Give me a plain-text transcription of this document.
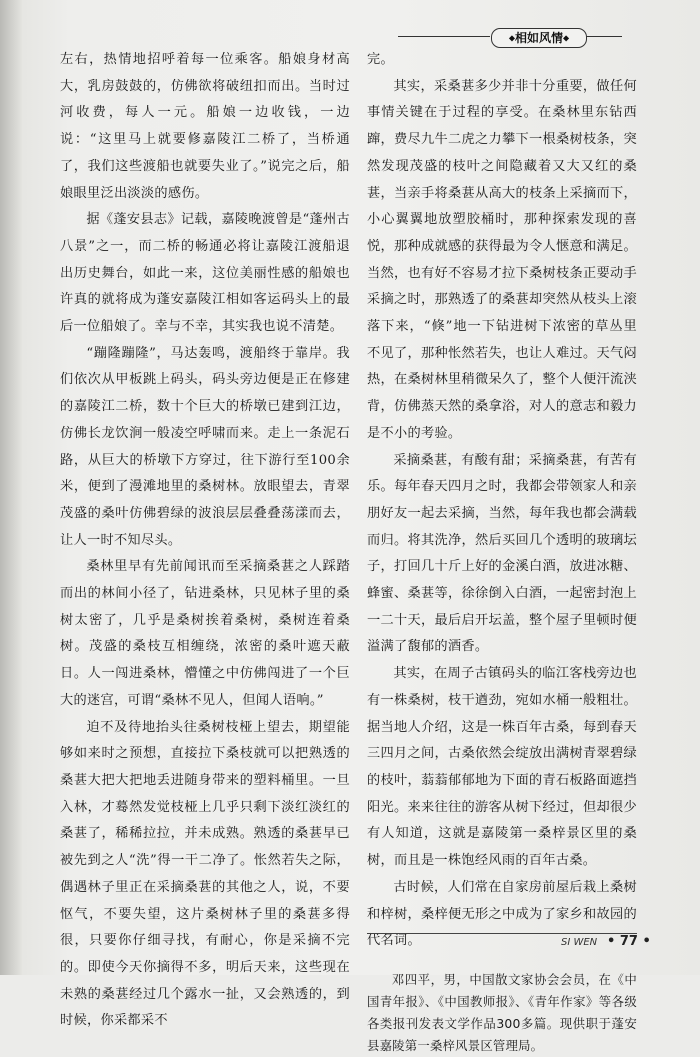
◆相如风情◆

左右，热情地招呼着每一位乘客。船娘身材高大，乳房鼓鼓的，仿佛欲将破纽扣而出。当时过河收费，每人一元。船娘一边收钱，一边说：“这里马上就要修嘉陵江二桥了，当桥通了，我们这些渡船也就要失业了。”说完之后，船娘眼里泛出淡淡的感伤。

据《蓬安县志》记载，嘉陵晚渡曾是“蓬州古八景”之一，而二桥的畅通必将让嘉陵江渡船退出历史舞台，如此一来，这位美丽性感的船娘也许真的就将成为蓬安嘉陵江相如客运码头上的最后一位船娘了。幸与不幸，其实我也说不清楚。

“蹦隆蹦隆”，马达轰鸣，渡船终于靠岸。我们依次从甲板跳上码头，码头旁边便是正在修建的嘉陵江二桥，数十个巨大的桥墩已建到江边，仿佛长龙饮涧一般凌空呼啸而来。走上一条泥石路，从巨大的桥墩下方穿过，往下游行至100余米，便到了漫滩地里的桑树林。放眼望去，青翠茂盛的桑叶仿佛碧绿的波浪层层叠叠荡漾而去，让人一时不知尽头。

桑林里早有先前闻讯而至采摘桑葚之人踩踏而出的林间小径了，钻进桑林，只见林子里的桑树太密了，几乎是桑树挨着桑树，桑树连着桑树。茂盛的桑枝互相缠绕，浓密的桑叶遮天蔽日。人一闯进桑林，懵懂之中仿佛闯进了一个巨大的迷宫，可谓“桑林不见人，但闻人语响。”

迫不及待地抬头往桑树枝桠上望去，期望能够如来时之预想，直接拉下桑枝就可以把熟透的桑葚大把大把地丢进随身带来的塑料桶里。一旦入林，才蓦然发觉枝桠上几乎只剩下淡红淡红的桑葚了，稀稀拉拉，并未成熟。熟透的桑葚早已被先到之人“洗”得一干二净了。怅然若失之际，偶遇林子里正在采摘桑葚的其他之人，说，不要怄气，不要失望，这片桑树林子里的桑葚多得很，只要你仔细寻找，有耐心，你是采摘不完的。即使今天你摘得不多，明后天来，这些现在未熟的桑葚经过几个露水一扯，又会熟透的，到时候，你采都采不

完。

其实，采桑葚多少并非十分重要，做任何事情关键在于过程的享受。在桑林里东钻西蹿，费尽九牛二虎之力攀下一根桑树枝条，突然发现茂盛的枝叶之间隐藏着又大又红的桑葚，当亲手将桑葚从高大的枝条上采摘而下，小心翼翼地放塑胶桶时，那种探索发现的喜悦，那种成就感的获得最为令人惬意和满足。当然，也有好不容易才拉下桑树枝条正要动手采摘之时，那熟透了的桑葚却突然从枝头上滚落下来，“倏”地一下钻进树下浓密的草丛里不见了，那种怅然若失，也让人难过。天气闷热，在桑树林里稍微呆久了，整个人便汗流浃背，仿佛蒸天然的桑拿浴，对人的意志和毅力是不小的考验。

采摘桑葚，有酸有甜；采摘桑葚，有苦有乐。每年春天四月之时，我都会带领家人和亲朋好友一起去采摘，当然，每年我也都会满载而归。将其洗净，然后买回几个透明的玻璃坛子，打回几十斤上好的金溪白酒，放进冰糖、蜂蜜、桑葚等，徐徐倒入白酒，一起密封泡上一二十天，最后启开坛盖，整个屋子里顿时便溢满了馥郁的酒香。

其实，在周子古镇码头的临江客栈旁边也有一株桑树，枝干遒劲，宛如水桶一般粗壮。据当地人介绍，这是一株百年古桑，每到春天三四月之间，古桑依然会绽放出满树青翠碧绿的枝叶，蓊蓊郁郁地为下面的青石板路面遮挡阳光。来来往往的游客从树下经过，但却很少有人知道，这就是嘉陵第一桑梓景区里的桑树，而且是一株饱经风雨的百年古桑。

古时候，人们常在自家房前屋后栽上桑树和梓树，桑梓便无形之中成为了家乡和故园的代名词。

邓四平，男，中国散文家协会会员，在《中国青年报》、《中国教师报》、《青年作家》等各级各类报刊发表文学作品300多篇。现供职于蓬安县嘉陵第一桑梓风景区管理局。

SI WEN • 77 •
